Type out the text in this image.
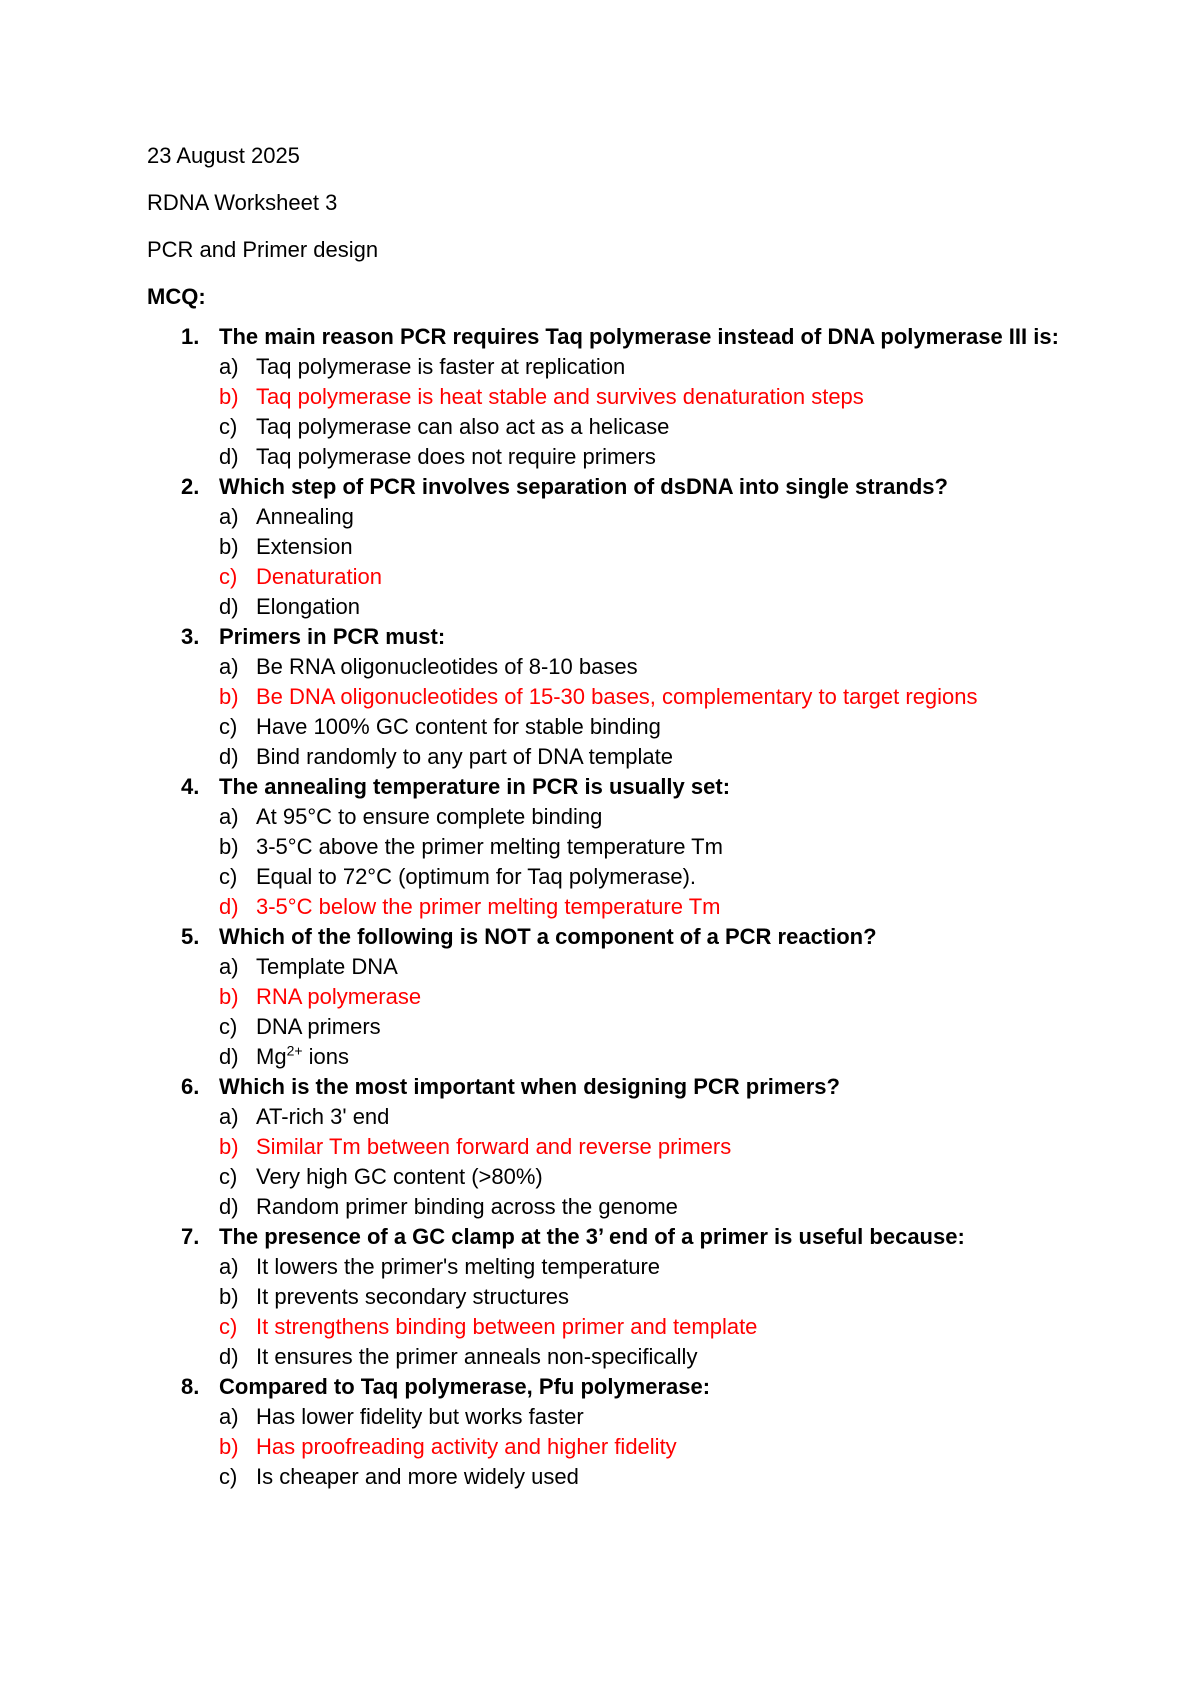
23 August 2025
RDNA Worksheet 3
PCR and Primer design
MCQ:
1. The main reason PCR requires Taq polymerase instead of DNA polymerase III is:
a) Taq polymerase is faster at replication
b) Taq polymerase is heat stable and survives denaturation steps
c) Taq polymerase can also act as a helicase
d) Taq polymerase does not require primers
2. Which step of PCR involves separation of dsDNA into single strands?
a) Annealing
b) Extension
c) Denaturation
d) Elongation
3. Primers in PCR must:
a) Be RNA oligonucleotides of 8-10 bases
b) Be DNA oligonucleotides of 15-30 bases, complementary to target regions
c) Have 100% GC content for stable binding
d) Bind randomly to any part of DNA template
4. The annealing temperature in PCR is usually set:
a) At 95°C to ensure complete binding
b) 3-5°C above the primer melting temperature Tm
c) Equal to 72°C (optimum for Taq polymerase).
d) 3-5°C below the primer melting temperature Tm
5. Which of the following is NOT a component of a PCR reaction?
a) Template DNA
b) RNA polymerase
c) DNA primers
d) $Mg^{2+}$ ions
6. Which is the most important when designing PCR primers?
a) AT-rich 3' end
b) Similar Tm between forward and reverse primers
c) Very high GC content (>80%)
d) Random primer binding across the genome
7. The presence of a GC clamp at the 3’ end of a primer is useful because:
a) It lowers the primer's melting temperature
b) It prevents secondary structures
c) It strengthens binding between primer and template
d) It ensures the primer anneals non-specifically
8. Compared to Taq polymerase, Pfu polymerase:
a) Has lower fidelity but works faster
b) Has proofreading activity and higher fidelity
c) Is cheaper and more widely used
